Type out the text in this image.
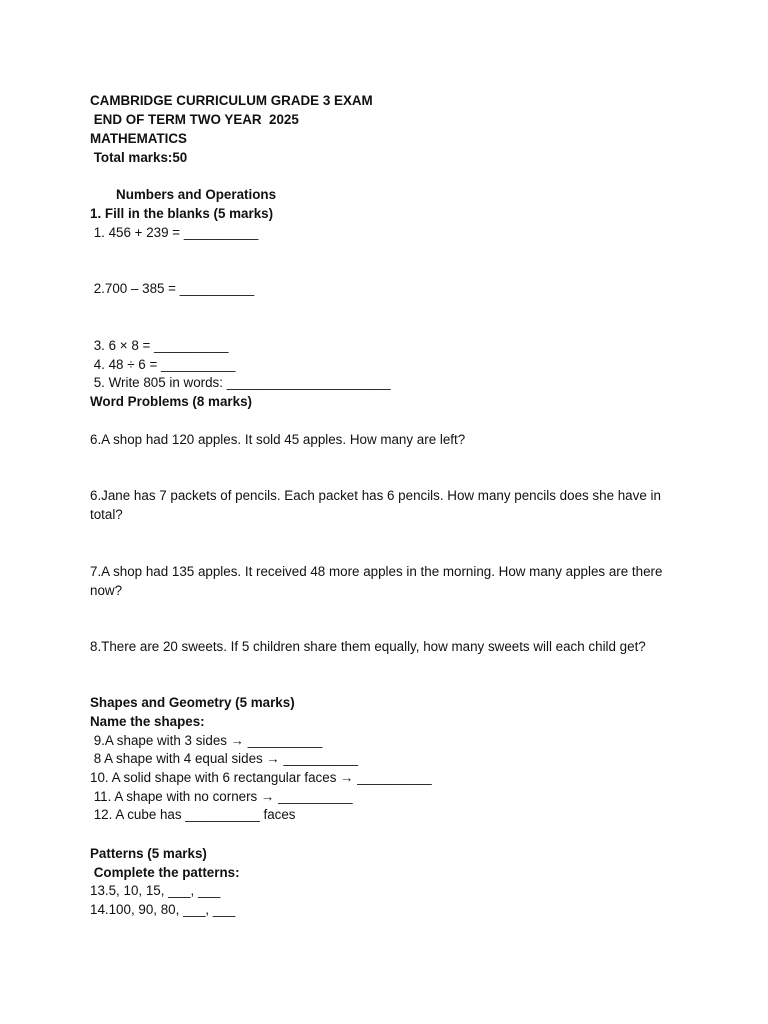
CAMBRIDGE CURRICULUM GRADE 3 EXAM
END OF TERM TWO YEAR  2025
MATHEMATICS
Total marks:50
Numbers and Operations
1. Fill in the blanks (5 marks)
1. 456 + 239 = __________
2.700 – 385 = __________
3. 6 × 8 = __________
4. 48 ÷ 6 = __________
5. Write 805 in words: ______________________
Word Problems (8 marks)
6.A shop had 120 apples. It sold 45 apples. How many are left?
6.Jane has 7 packets of pencils. Each packet has 6 pencils. How many pencils does she have in total?
7.A shop had 135 apples. It received 48 more apples in the morning. How many apples are there now?
8.There are 20 sweets. If 5 children share them equally, how many sweets will each child get?
Shapes and Geometry (5 marks)
Name the shapes:
9.A shape with 3 sides → __________
8 A shape with 4 equal sides → __________
10. A solid shape with 6 rectangular faces → __________
11. A shape with no corners → __________
12. A cube has __________ faces
Patterns (5 marks)
Complete the patterns:
13.5, 10, 15, ___, ___
14.100, 90, 80, ___, ___
